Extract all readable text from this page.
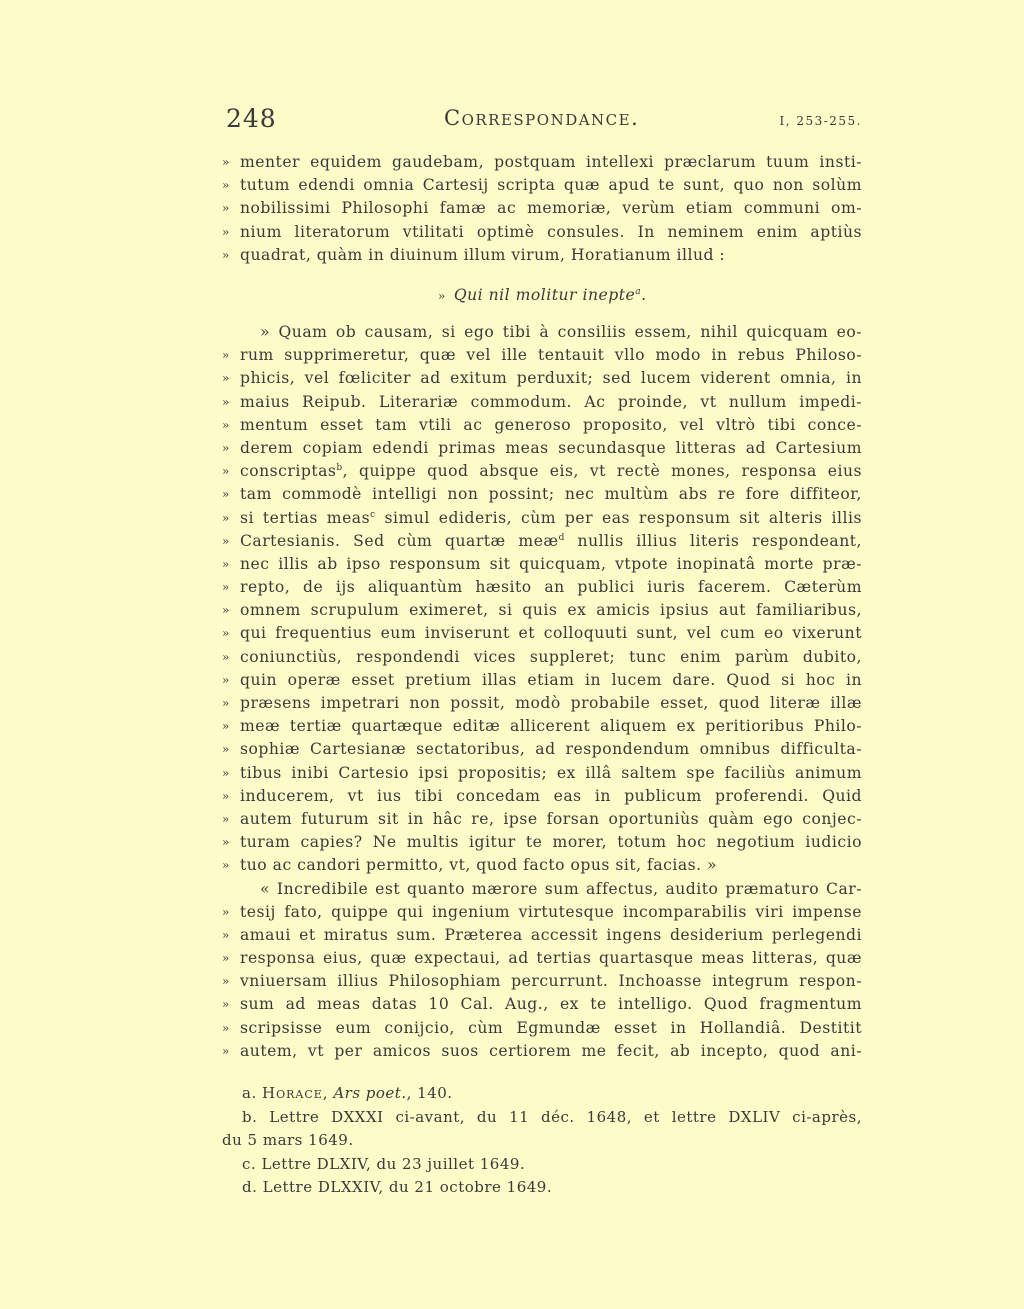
248	Correspondance.	I, 253-255.
» menter equidem gaudebam, postquam intellexi præclarum tuum insti-
» tutum edendi omnia Cartesij scripta quæ apud te sunt, quo non solùm
» nobilissimi Philosophi famæ ac memoriæ, verùm etiam communi om-
» nium literatorum vtilitati optimè consules. In neminem enim aptiùs
» quadrat, quàm in diuinum illum virum, Horatianum illud :
» Qui nil molitur inepte$^a$.
» Quam ob causam, si ego tibi à consiliis essem, nihil quicquam eo-
» rum supprimeretur, quæ vel ille tentauit vllo modo in rebus Philoso-
» phicis, vel fœliciter ad exitum perduxit; sed lucem viderent omnia, in
» maius Reipub. Literariæ commodum. Ac proinde, vt nullum impedi-
» mentum esset tam vtili ac generoso proposito, vel vltrò tibi conce-
» derem copiam edendi primas meas secundasque litteras ad Cartesium
» conscriptas$^b$, quippe quod absque eis, vt rectè mones, responsa eius
» tam commodè intelligi non possint; nec multùm abs re fore diffiteor,
» si tertias meas$^c$ simul edideris, cùm per eas responsum sit alteris illis
» Cartesianis. Sed cùm quartæ meæ$^d$ nullis illius literis respondeant,
» nec illis ab ipso responsum sit quicquam, vtpote inopinatâ morte præ-
» repto, de ijs aliquantùm hæsito an publici iuris facerem. Cæterùm
» omnem scrupulum eximeret, si quis ex amicis ipsius aut familiaribus,
» qui frequentius eum inviserunt et colloquuti sunt, vel cum eo vixerunt
» coniunctiùs, respondendi vices suppleret; tunc enim parùm dubito,
» quin operæ esset pretium illas etiam in lucem dare. Quod si hoc in
» præsens impetrari non possit, modò probabile esset, quod literæ illæ
» meæ tertiæ quartæque editæ allicerent aliquem ex peritioribus Philo-
» sophiæ Cartesianæ sectatoribus, ad respondendum omnibus difficulta-
» tibus inibi Cartesio ipsi propositis; ex illâ saltem spe faciliùs animum
» inducerem, vt ius tibi concedam eas in publicum proferendi. Quid
» autem futurum sit in hâc re, ipse forsan oportuniùs quàm ego conjec-
» turam capies? Ne multis igitur te morer, totum hoc negotium iudicio
» tuo ac candori permitto, vt, quod facto opus sit, facias. »
« Incredibile est quanto mærore sum affectus, audito præmaturo Car-
» tesij fato, quippe qui ingenium virtutesque incomparabilis viri impense
» amaui et miratus sum. Præterea accessit ingens desiderium perlegendi
» responsa eius, quæ expectaui, ad tertias quartasque meas litteras, quæ
» vniuersam illius Philosophiam percurrunt. Inchoasse integrum respon-
» sum ad meas datas 10 Cal. Aug., ex te intelligo. Quod fragmentum
» scripsisse eum conijcio, cùm Egmundæ esset in Hollandiâ. Destitit
» autem, vt per amicos suos certiorem me fecit, ab incepto, quod ani-
a. Horace, Ars poet., 140.
b. Lettre DXXXI ci-avant, du 11 déc. 1648, et lettre DXLIV ci-après,
du 5 mars 1649.
c. Lettre DLXIV, du 23 juillet 1649.
d. Lettre DLXXIV, du 21 octobre 1649.
